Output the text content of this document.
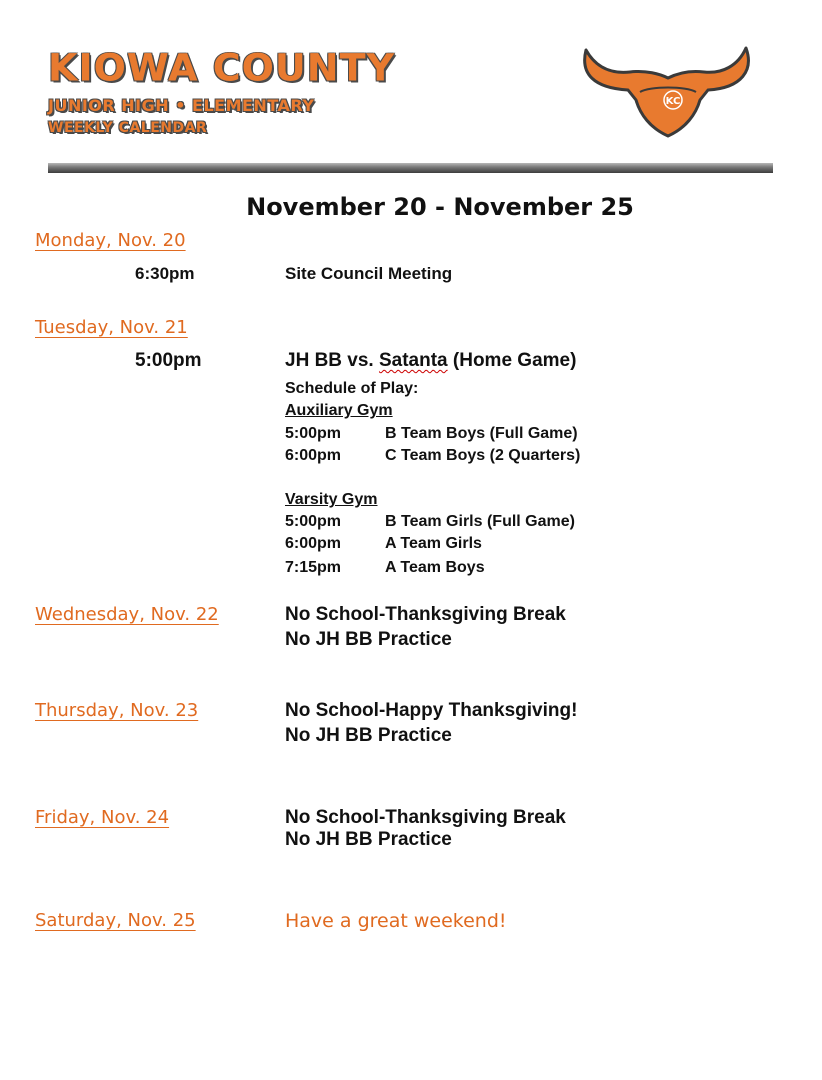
KIOWA COUNTY
JUNIOR HIGH • ELEMENTARY
WEEKLY CALENDAR
KC
November 20 - November 25
Monday, Nov. 20
6:30pm	Site Council Meeting
Tuesday, Nov. 21
5:00pm	JH BB vs. Satanta (Home Game)
Schedule of Play:
Auxiliary Gym
5:00pm	B Team Boys (Full Game)
6:00pm	C Team Boys (2 Quarters)
Varsity Gym
5:00pm	B Team Girls (Full Game)
6:00pm	A Team Girls
7:15pm	A Team Boys
Wednesday, Nov. 22	No School-Thanksgiving Break
No JH BB Practice
Thursday, Nov. 23	No School-Happy Thanksgiving!
No JH BB Practice
Friday, Nov. 24	No School-Thanksgiving Break
No JH BB Practice
Saturday, Nov. 25	Have a great weekend!
